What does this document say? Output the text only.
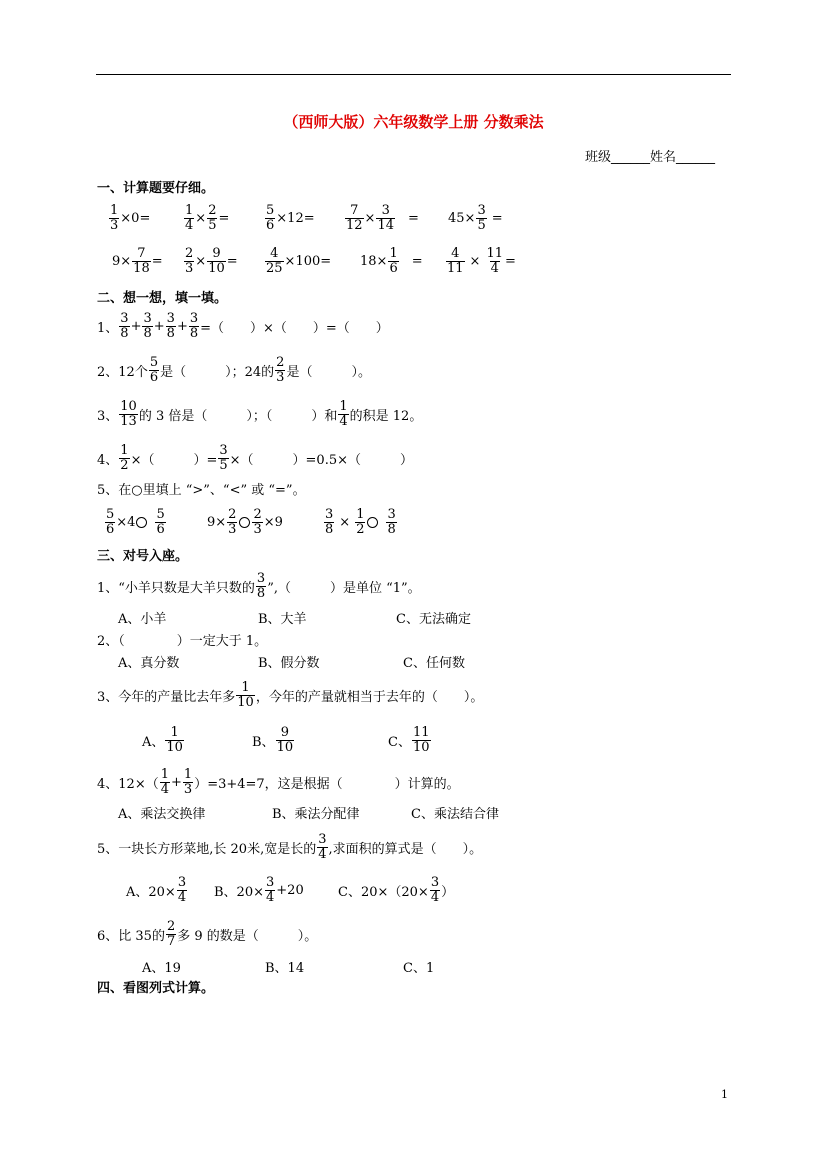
（西师大版）六年级数学上册 分数乘法
班级______姓名______
一、计算题要仔细。
$\frac{1}{3} \times 0=$	$\frac{1}{4} \times \frac{2}{5}$ =	$\frac{5}{6} \times 12= \frac{7}{12} \times \frac{3}{14} = 45\times \frac{3}{5}$ =
$9\times \frac{7}{18} = \frac{2}{3} \times \frac{9}{10} = \frac{4}{25} \times 100= 18\times \frac{1}{6} = \frac{4}{11} \times \frac{11}{4}$ =
二、想一想，填一填。
1、 $\frac{3}{8} + \frac{3}{8} + \frac{3}{8} + \frac{3}{8}$ =（　　）×（　　）=（　　）
2、12个 $\frac{5}{6}$ 是（　　　）；24的 $\frac{2}{3}$ 是（　　　）。
3、 $\frac{10}{13}$ 的 3 倍是（　　　）；（　　　）和 $\frac{1}{4}$ 的积是 12。
4、 $\frac{1}{2}$ ×（　　　）= $\frac{3}{5}$ ×（　　　）=0.5×（　　　）
5、在○里填上 “>”、“<” 或 “=”。
$\frac{5}{6} \times 4 \frac{5}{6}$	$9\times \frac{2}{3} \frac{2}{3} \times 9$	$\frac{3}{8} \times \frac{1}{2} \frac{3}{8}$
三、对号入座。
1、“小羊只数是大羊只数的 $\frac{3}{8}$ ”,（　　　）是单位 “1”。
A、小羊	B、大羊	C、无法确定
2、（　　　　）一定大于 1。
A、真分数	B、假分数	C、任何数
3、今年的产量比去年多 $\frac{1}{10}$ ，今年的产量就相当于去年的（　　）。
A、 $\frac{1}{10}$	B、 $\frac{9}{10}$	C、 $\frac{11}{10}$
4、$12\times( \frac{1}{4} + \frac{1}{3} )=3+4=7$，这是根据（　　　　）计算的。
A、乘法交换律	B、乘法分配律	C、乘法结合律
5、一块长方形菜地,长 20米,宽是长的 $\frac{3}{4}$ ,求面积的算式是（　　）。
A、$20\times \frac{3}{4}$ B、$20\times \frac{3}{4} +20$	C、$20\times(20\times \frac{3}{4}$ ）
6、比 35的 $\frac{2}{7}$ 多 9 的数是（　　　）。
A、19	B、14	C、1
四、看图列式计算。
1
